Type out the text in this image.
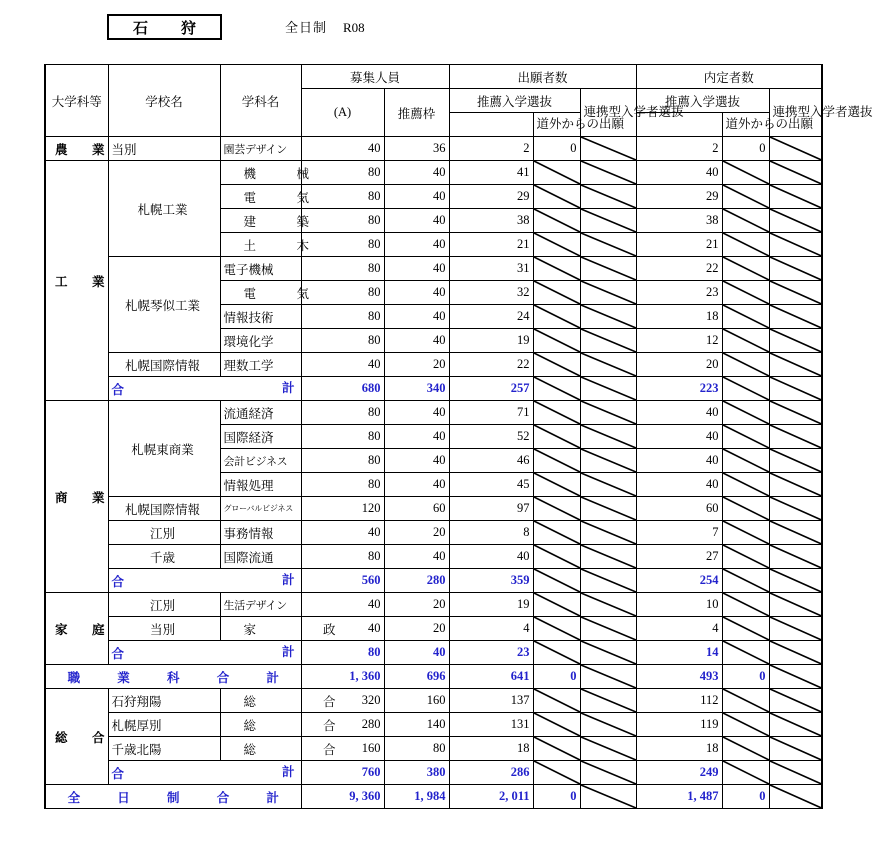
石　狩	全日制 R08
大学科等	学校名	学科名	募集人員		出願者数			内定者数		
			(A)	推薦枠	推薦入学選抜		連携型入学者選抜	推薦入学選抜		連携型入学者選抜
						道外からの出願			道外からの出願	
農　業	当別	園芸デザイン	40	36	2	0		2	0	

工　業	札幌工業	機　械	80	40	41			40	

		電　気	80	40	29			29	

		建　築	80	40	38			38	

		土　木	80	40	21			21	

	札幌琴似工業	電子機械	80	40	31			22	

		電　気	80	40	32			23	

		情報技術	80	40	24			18	

		環境化学	80	40	19			12	

	札幌国際情報	理数工学	40	20	22			20	

	合 計		680	340	257			223	

商　業	札幌東商業	流通経済	80	40	71			40	

		国際経済	80	40	52			40	

		会計ビジネス	80	40	46			40	

		情報処理	80	40	45			40	

	札幌国際情報	グローバルビジネス	120	60	97			60	

	江別	事務情報	40	20	8			7	

	千歳	国際流通	80	40	40			27	

	合 計		560	280	359			254	

家　庭	江別	生活デザイン	40	20	19			10	

	当別	家　　政	40	20	4			4	

	合 計		80	40	23			14	

職 業 科 合 計			1, 360	696	641	0		493	0	

総　合	石狩翔陽	総　　合	320	160	137			112	

	札幌厚別	総　　合	280	140	131			119	

	千歳北陽	総　　合	160	80	18			18	

	合 計		760	380	286			249	

全 日 制 合 計			9, 360	1, 984	2, 011	0		1, 487	0	
